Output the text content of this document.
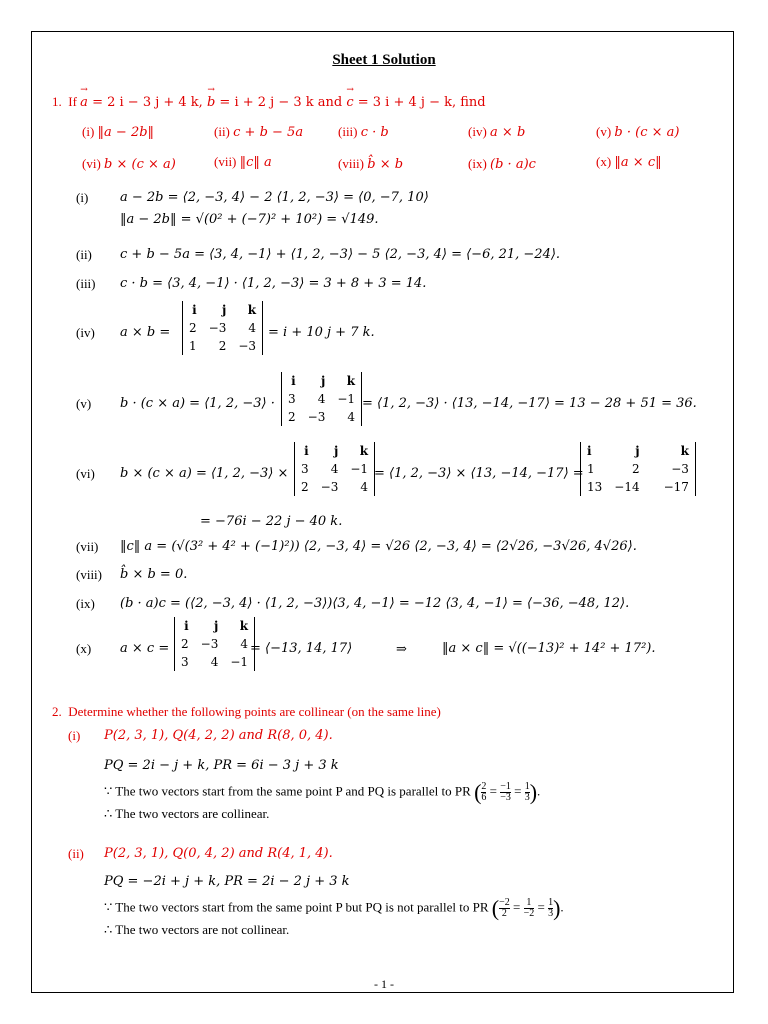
Sheet 1 Solution
1. If → a = 2 i − 3 j + 4 k, → b = i + 2 j − 3 k and → c = 3 i + 4 j − k, find
(i) ‖a − 2b‖	(ii) c + b − 5a	(iii) c · b	(iv) a × b	(v) b · (c × a)
(vi) b × (c × a)	(vii) ‖c‖ a	(viii) b̂ × b	(ix) (b · a)c	(x) ‖a × c‖
(i) a − 2b = ⟨2, −3, 4⟩ − 2 ⟨1, 2, −3⟩ = ⟨0, −7, 10⟩
‖a − 2b‖ = √(0² + (−7)² + 10²) = √149.
(ii) c + b − 5a = ⟨3, 4, −1⟩ + ⟨1, 2, −3⟩ − 5 ⟨2, −3, 4⟩ = ⟨−6, 21, −24⟩.
(iii) c · b = ⟨3, 4, −1⟩ · ⟨1, 2, −3⟩ = 3 + 8 + 3 = 14.
(iv) a × b =
i	j	k
2	−3	4
1	2	−3
= i + 10 j + 7 k.
(v) b · (c × a) = ⟨1, 2, −3⟩ ·
i	j	k
3	4	−1
2	−3	4
= ⟨1, 2, −3⟩ · ⟨13, −14, −17⟩ = 13 − 28 + 51 = 36.
(vi) b × (c × a) = ⟨1, 2, −3⟩ ×
i	j	k
3	4	−1
2	−3	4
= ⟨1, 2, −3⟩ × ⟨13, −14, −17⟩ =
i	j	k
1	2	−3
13	−14	−17
= −76i − 22 j − 40 k.
(vii) ‖c‖ a = (√(3² + 4² + (−1)²)) ⟨2, −3, 4⟩ = √26 ⟨2, −3, 4⟩ = ⟨2√26, −3√26, 4√26⟩.
(viii) b̂ × b = 0.
(ix) (b · a)c = (⟨2, −3, 4⟩ · ⟨1, 2, −3⟩)⟨3, 4, −1⟩ = −12 ⟨3, 4, −1⟩ = ⟨−36, −48, 12⟩.
(x) a × c =
i	j	k
2	−3	4
3	4	−1
= ⟨−13, 14, 17⟩	⇒	‖a × c‖ = √((−13)² + 14² + 17²).
2. Determine whether the following points are collinear (on the same line)
(i) P(2, 3, 1), Q(4, 2, 2) and R(8, 0, 4).
PQ = 2i − j + k, PR = 6i − 3 j + 3 k
∵ The two vectors start from the same point P and PQ is parallel to PR ( $\frac{2}{6} = \frac{-1}{-3} = \frac{1}{3}$ ).
∴ The two vectors are collinear.
(ii) P(2, 3, 1), Q(0, 4, 2) and R(4, 1, 4).
PQ = −2i + j + k, PR = 2i − 2 j + 3 k
∵ The two vectors start from the same point P but PQ is not parallel to PR ( $\frac{-2}{2} = \frac{1}{-2} = \frac{1}{3}$ ).
∴ The two vectors are not collinear.
- 1 -
